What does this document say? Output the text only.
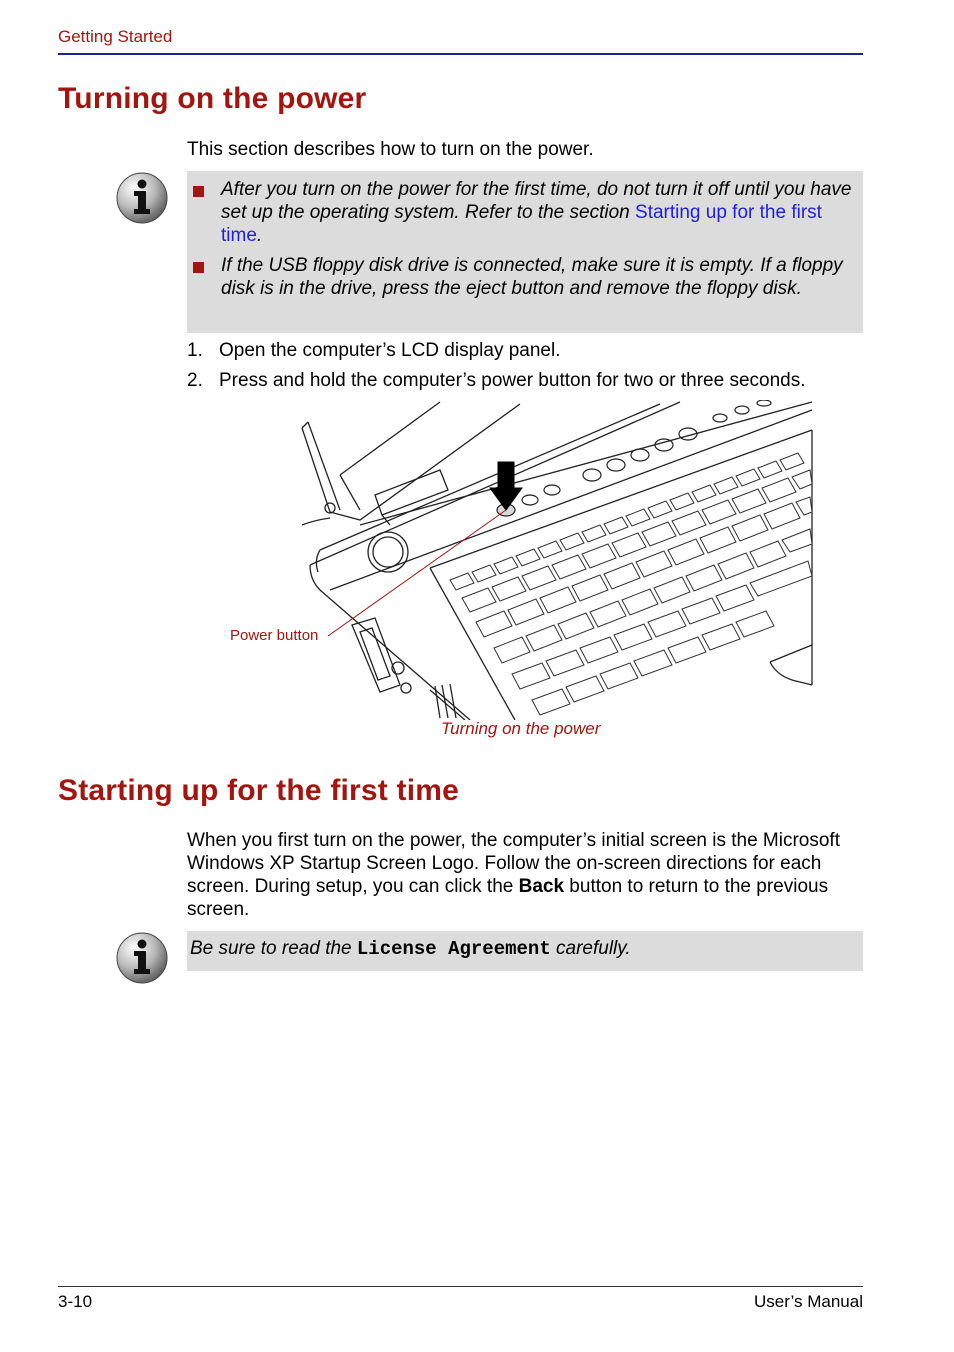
Getting Started
Turning on the power
This section describes how to turn on the power.
After you turn on the power for the first time, do not turn it off until you have set up the operating system. Refer to the section Starting up for the first time.
If the USB floppy disk drive is connected, make sure it is empty. If a floppy disk is in the drive, press the eject button and remove the floppy disk.
1. Open the computer’s LCD display panel.
2. Press and hold the computer’s power button for two or three seconds.
Power button
Turning on the power
Starting up for the first time
When you first turn on the power, the computer’s initial screen is the Microsoft Windows XP Startup Screen Logo. Follow the on-screen directions for each screen. During setup, you can click the Back button to return to the previous screen.
Be sure to read the License Agreement carefully.
3-10	User’s Manual
